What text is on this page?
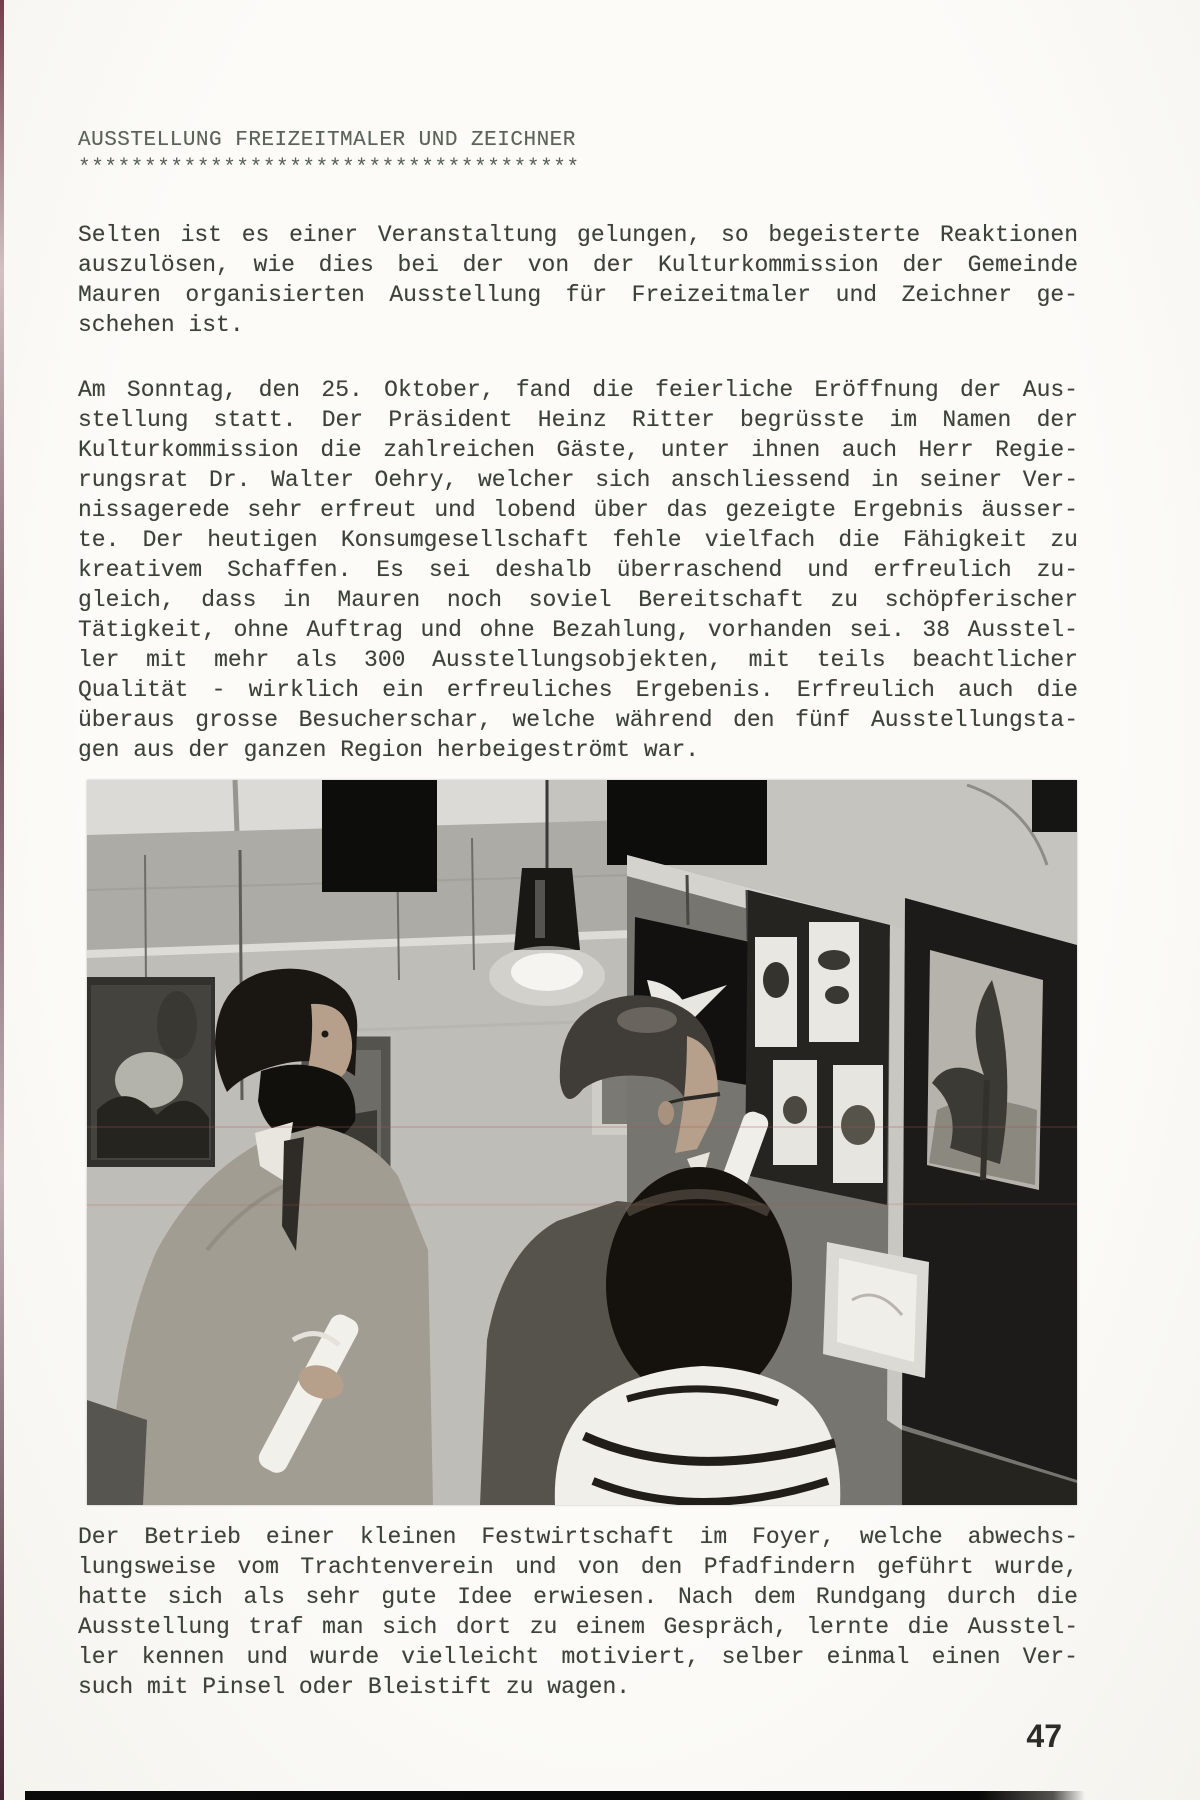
AUSSTELLUNG FREIZEITMALER UND ZEICHNER
**************************************
Selten ist es einer Veranstaltung gelungen, so begeisterte Reaktionen
auszulösen, wie dies bei der von der Kulturkommission der Gemeinde
Mauren organisierten Ausstellung für Freizeitmaler und Zeichner ge-
schehen ist.
Am Sonntag, den 25. Oktober, fand die feierliche Eröffnung der Aus-
stellung statt. Der Präsident Heinz Ritter begrüsste im Namen der
Kulturkommission die zahlreichen Gäste, unter ihnen auch Herr Regie-
rungsrat Dr. Walter Oehry, welcher sich anschliessend in seiner Ver-
nissagerede sehr erfreut und lobend über das gezeigte Ergebnis äusser-
te. Der heutigen Konsumgesellschaft fehle vielfach die Fähigkeit zu
kreativem Schaffen. Es sei deshalb überraschend und erfreulich zu-
gleich, dass in Mauren noch soviel Bereitschaft zu schöpferischer
Tätigkeit, ohne Auftrag und ohne Bezahlung, vorhanden sei. 38 Ausstel-
ler mit mehr als 300 Ausstellungsobjekten, mit teils beachtlicher
Qualität - wirklich ein erfreuliches Ergebenis. Erfreulich auch die
überaus grosse Besucherschar, welche während den fünf Ausstellungsta-
gen aus der ganzen Region herbeigeströmt war.
Der Betrieb einer kleinen Festwirtschaft im Foyer, welche abwechs-
lungsweise vom Trachtenverein und von den Pfadfindern geführt wurde,
hatte sich als sehr gute Idee erwiesen. Nach dem Rundgang durch die
Ausstellung traf man sich dort zu einem Gespräch, lernte die Ausstel-
ler kennen und wurde vielleicht motiviert, selber einmal einen Ver-
such mit Pinsel oder Bleistift zu wagen.
47
